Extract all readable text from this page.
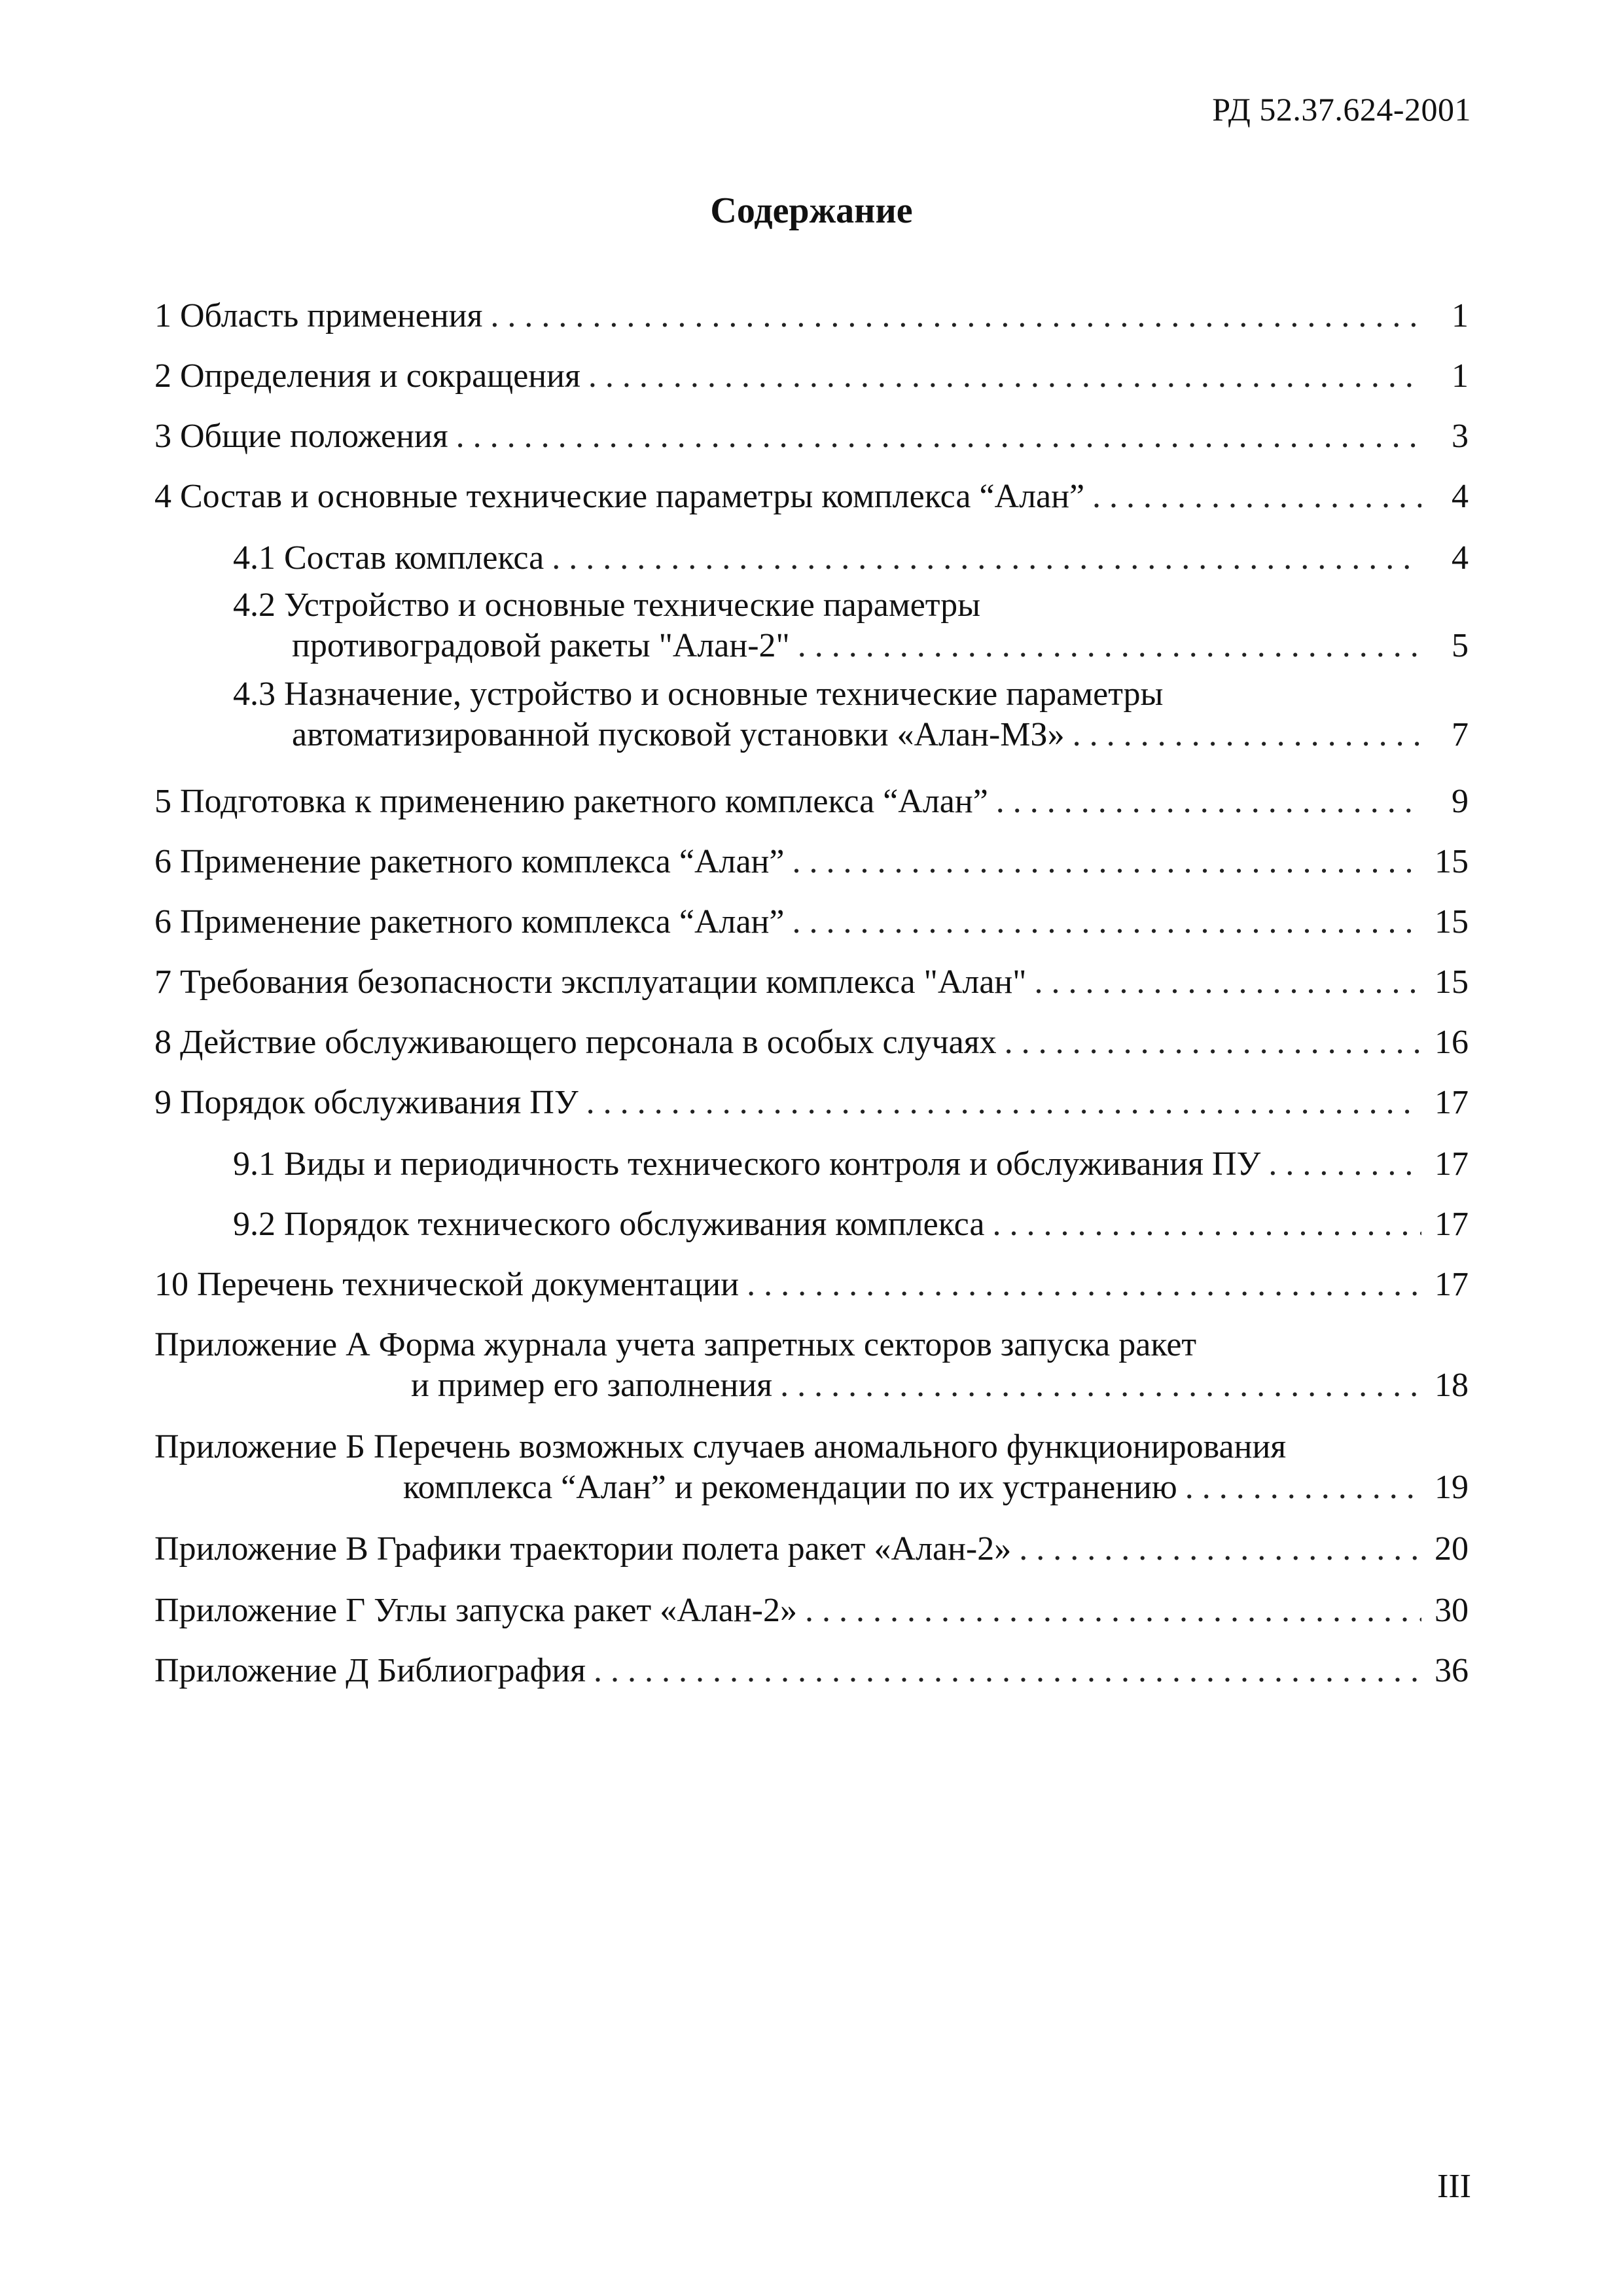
РД 52.37.624-2001
Содержание
1 Область применения . . .	1
2 Определения и сокращения . . .	1
3 Общие положения . . .	3
4 Состав и основные технические параметры комплекса “Алан” . . .	4
4.1 Состав комплекса . . .	4
4.2 Устройство и основные технические параметры
противоградовой ракеты "Алан-2" . . .	5
4.3 Назначение, устройство и основные технические параметры
автоматизированной пусковой установки «Алан-МЗ» . . .	7
5 Подготовка к применению ракетного комплекса “Алан” . . .	9
6 Применение ракетного комплекса “Алан” . . .	15
6 Применение ракетного комплекса “Алан” . . .	15
7 Требования безопасности эксплуатации комплекса "Алан" . . .	15
8 Действие обслуживающего персонала в особых случаях . . .	16
9 Порядок обслуживания ПУ . . .	17
9.1 Виды и периодичность технического контроля и обслуживания ПУ . . .	17
9.2 Порядок технического обслуживания комплекса . . .	17
10 Перечень технической документации . . .	17
Приложение А Форма журнала учета запретных секторов запуска ракет
и пример его заполнения . . .	18
Приложение Б Перечень возможных случаев аномального функционирования
комплекса “Алан” и рекомендации по их устранению . . .	19
Приложение В Графики траектории полета ракет «Алан-2» . . .	20
Приложение Г Углы запуска ракет «Алан-2» . . .	30
Приложение Д Библиография . . .	36
III
